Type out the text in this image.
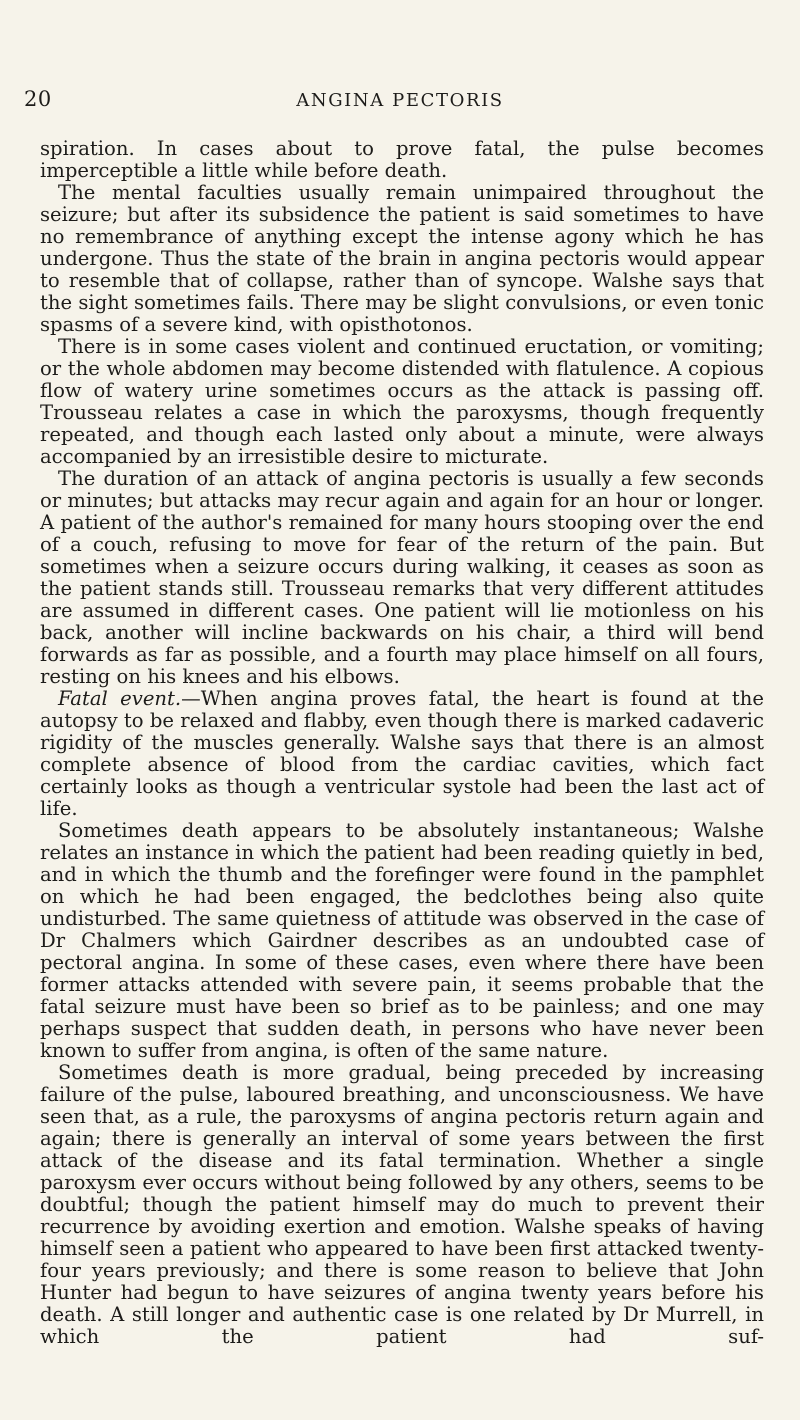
20	ANGINA PECTORIS

spiration. In cases about to prove fatal, the pulse becomes imperceptible a little while before death.

The mental faculties usually remain unimpaired throughout the seizure; but after its subsidence the patient is said sometimes to have no remembrance of anything except the intense agony which he has undergone. Thus the state of the brain in angina pectoris would appear to resemble that of collapse, rather than of syncope. Walshe says that the sight sometimes fails. There may be slight convulsions, or even tonic spasms of a severe kind, with opisthotonos.

There is in some cases violent and continued eructation, or vomiting; or the whole abdomen may become distended with flatulence. A copious flow of watery urine sometimes occurs as the attack is passing off. Trousseau relates a case in which the paroxysms, though frequently repeated, and though each lasted only about a minute, were always accompanied by an irresistible desire to micturate.

The duration of an attack of angina pectoris is usually a few seconds or minutes; but attacks may recur again and again for an hour or longer. A patient of the author's remained for many hours stooping over the end of a couch, refusing to move for fear of the return of the pain. But sometimes when a seizure occurs during walking, it ceases as soon as the patient stands still. Trousseau remarks that very different attitudes are assumed in different cases. One patient will lie motionless on his back, another will incline backwards on his chair, a third will bend forwards as far as possible, and a fourth may place himself on all fours, resting on his knees and his elbows.

Fatal event.—When angina proves fatal, the heart is found at the autopsy to be relaxed and flabby, even though there is marked cadaveric rigidity of the muscles generally. Walshe says that there is an almost complete absence of blood from the cardiac cavities, which fact certainly looks as though a ventricular systole had been the last act of life.

Sometimes death appears to be absolutely instantaneous; Walshe relates an instance in which the patient had been reading quietly in bed, and in which the thumb and the forefinger were found in the pamphlet on which he had been engaged, the bedclothes being also quite undisturbed. The same quietness of attitude was observed in the case of Dr Chalmers which Gairdner describes as an undoubted case of pectoral angina. In some of these cases, even where there have been former attacks attended with severe pain, it seems probable that the fatal seizure must have been so brief as to be painless; and one may perhaps suspect that sudden death, in persons who have never been known to suffer from angina, is often of the same nature.

Sometimes death is more gradual, being preceded by increasing failure of the pulse, laboured breathing, and unconsciousness. We have seen that, as a rule, the paroxysms of angina pectoris return again and again; there is generally an interval of some years between the first attack of the disease and its fatal termination. Whether a single paroxysm ever occurs without being followed by any others, seems to be doubtful; though the patient himself may do much to prevent their recurrence by avoiding exertion and emotion. Walshe speaks of having himself seen a patient who appeared to have been first attacked twenty-four years previously; and there is some reason to believe that John Hunter had begun to have seizures of angina twenty years before his death. A still longer and authentic case is one related by Dr Murrell, in which the patient had suf-
